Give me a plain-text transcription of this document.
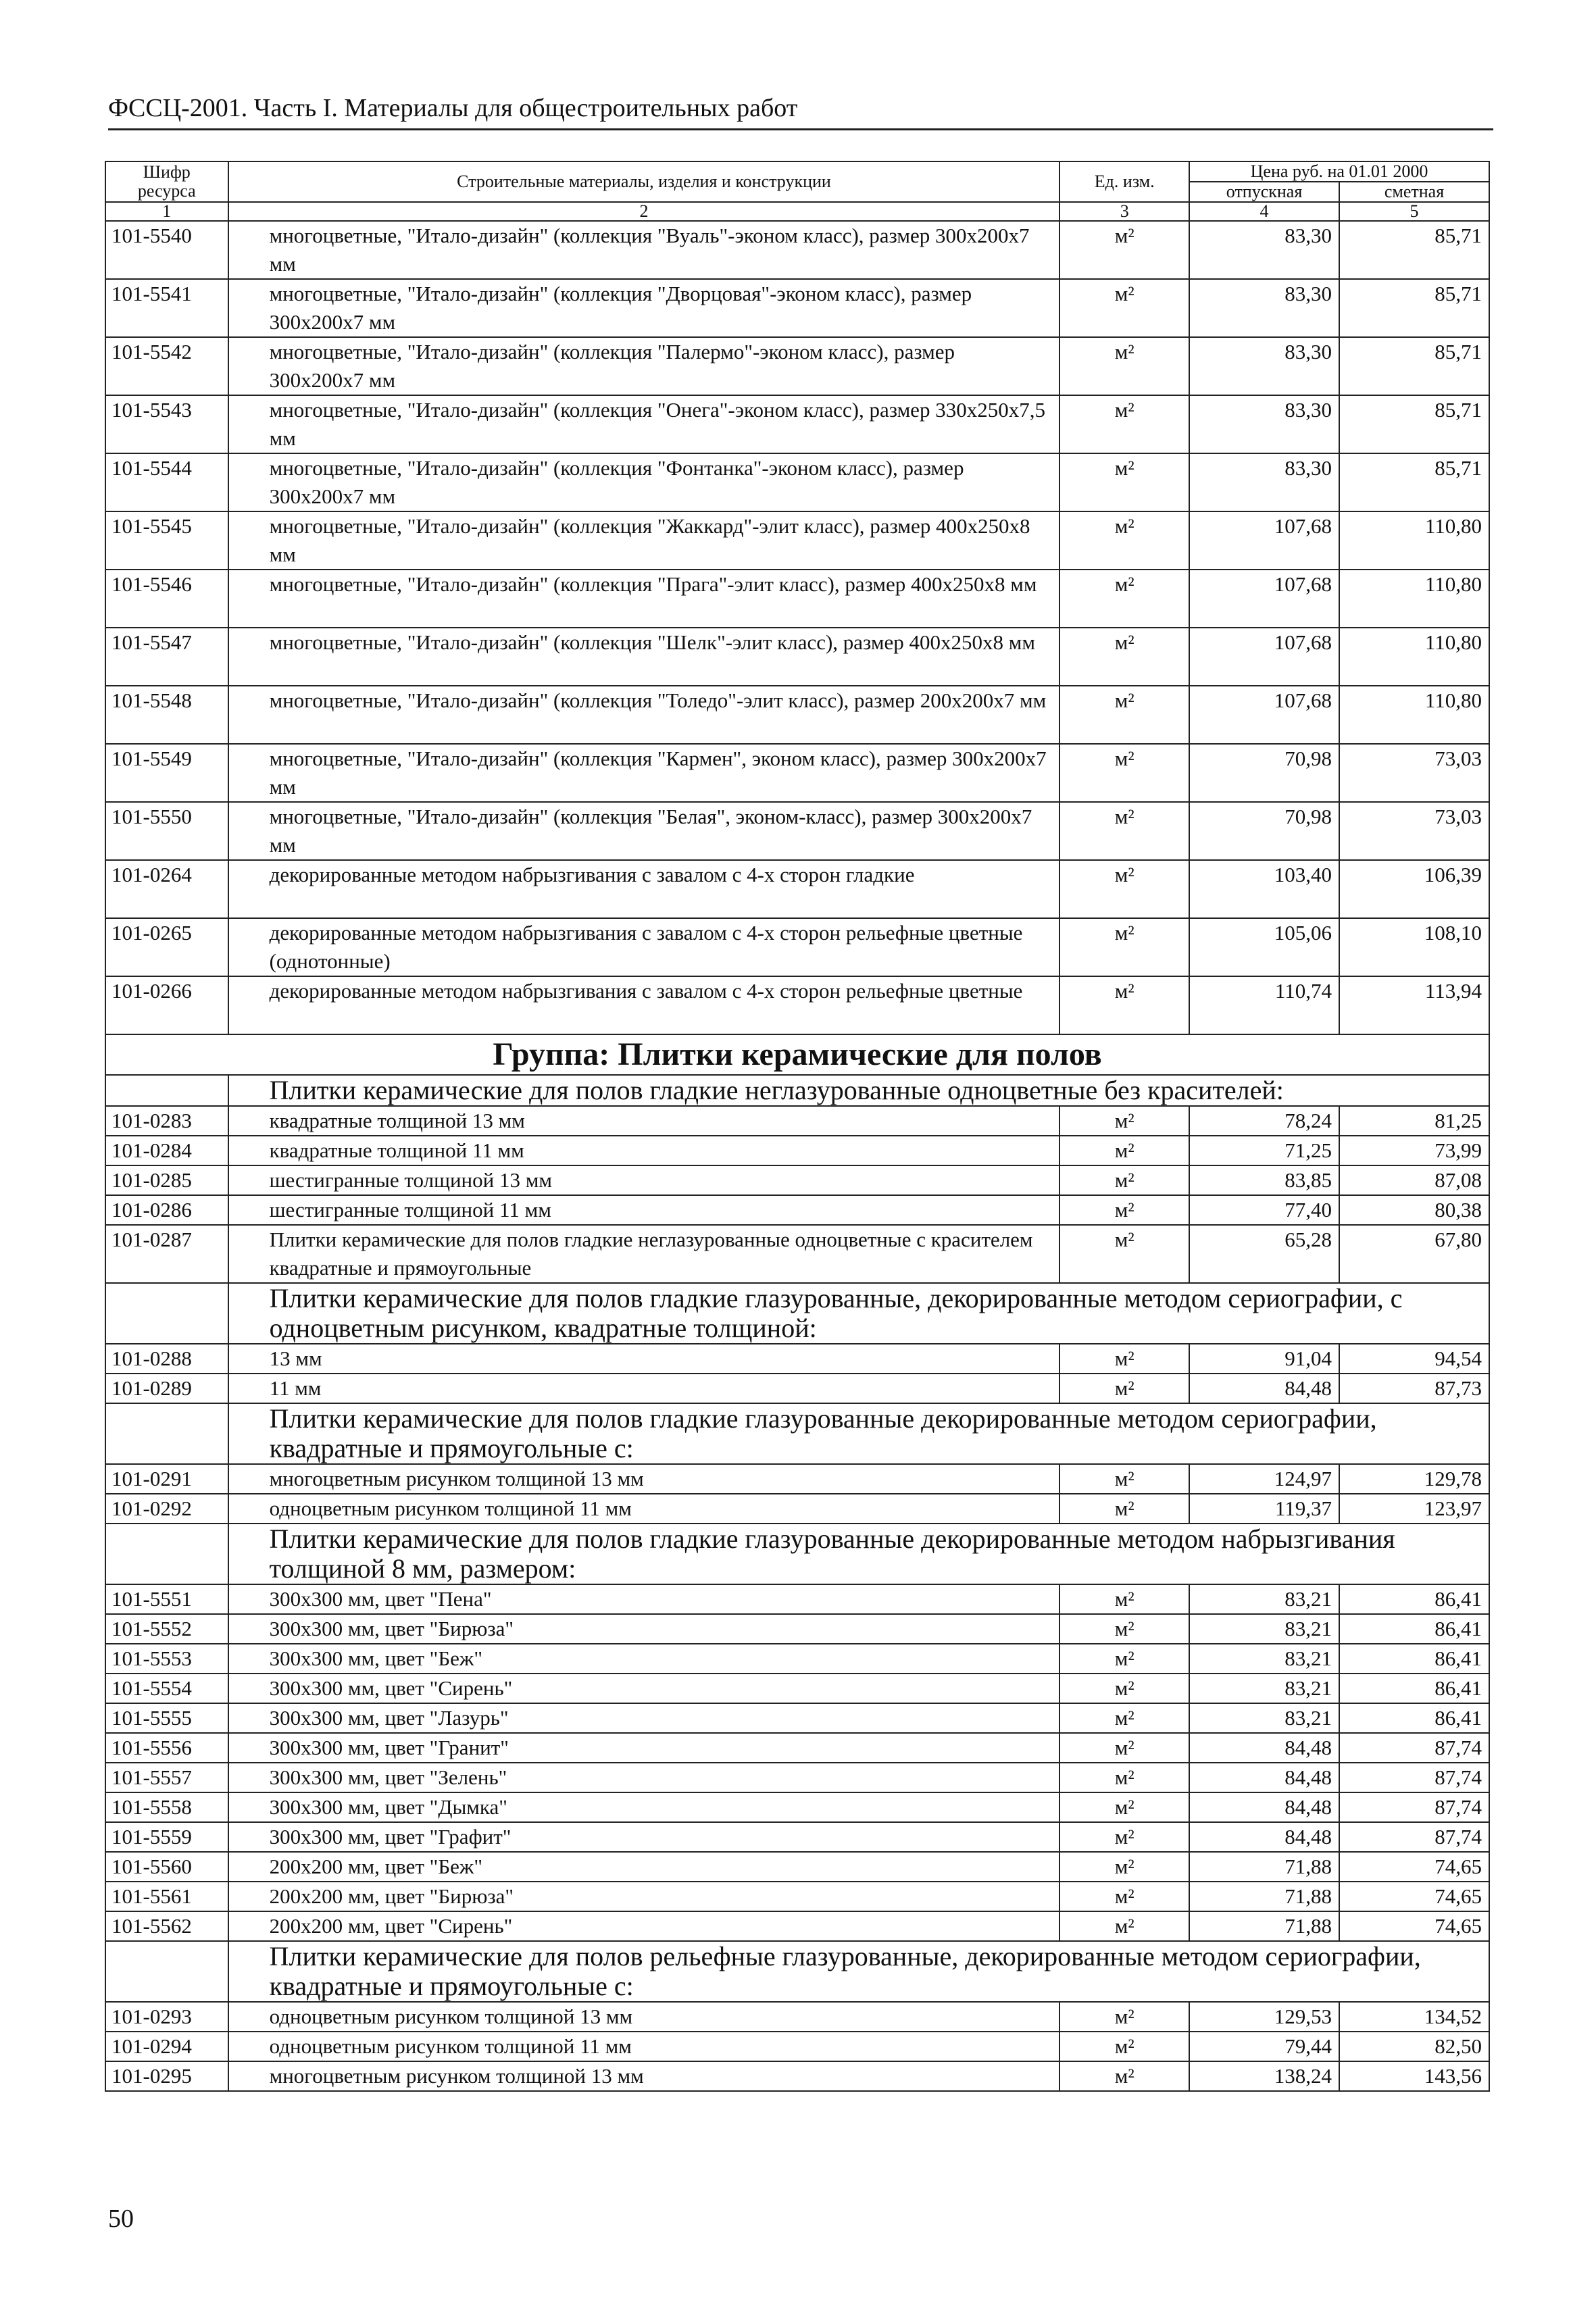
ФССЦ-2001. Часть I. Материалы для общестроительных работ
Шифр ресурса	Строительные материалы, изделия и конструкции	Ед. изм.	Цена руб. на 01.01 2000	
			отпускная	сметная
1	2	3	4	5
101-5540	многоцветные, "Итало-дизайн" (коллекция "Вуаль"-эконом класс), размер 300х200х7 мм	м²	83,30	85,71
101-5541	многоцветные, "Итало-дизайн" (коллекция "Дворцовая"-эконом класс), размер 300х200х7 мм	м²	83,30	85,71
101-5542	многоцветные, "Итало-дизайн" (коллекция "Палермо"-эконом класс), размер 300х200х7 мм	м²	83,30	85,71
101-5543	многоцветные, "Итало-дизайн" (коллекция "Онега"-эконом класс), размер 330х250х7,5 мм	м²	83,30	85,71
101-5544	многоцветные, "Итало-дизайн" (коллекция "Фонтанка"-эконом класс), размер 300х200х7 мм	м²	83,30	85,71
101-5545	многоцветные, "Итало-дизайн" (коллекция "Жаккард"-элит класс), размер 400х250х8 мм	м²	107,68	110,80
101-5546	многоцветные, "Итало-дизайн" (коллекция "Прага"-элит класс), размер 400х250х8 мм	м²	107,68	110,80
101-5547	многоцветные, "Итало-дизайн" (коллекция "Шелк"-элит класс), размер 400х250х8 мм	м²	107,68	110,80
101-5548	многоцветные, "Итало-дизайн" (коллекция "Толедо"-элит класс), размер 200х200х7 мм	м²	107,68	110,80
101-5549	многоцветные, "Итало-дизайн" (коллекция "Кармен", эконом класс), размер 300х200х7 мм	м²	70,98	73,03
101-5550	многоцветные, "Итало-дизайн" (коллекция "Белая", эконом-класс), размер 300х200х7 мм	м²	70,98	73,03
101-0264	декорированные методом набрызгивания с завалом с 4-х сторон гладкие	м²	103,40	106,39
101-0265	декорированные методом набрызгивания с завалом с 4-х сторон рельефные цветные (однотонные)	м²	105,06	108,10
101-0266	декорированные методом набрызгивания с завалом с 4-х сторон рельефные цветные	м²	110,74	113,94
Группа: Плитки керамические для полов				
	Плитки керамические для полов гладкие неглазурованные одноцветные без красителей:			
101-0283	квадратные толщиной 13 мм	м²	78,24	81,25
101-0284	квадратные толщиной 11 мм	м²	71,25	73,99
101-0285	шестигранные толщиной 13 мм	м²	83,85	87,08
101-0286	шестигранные толщиной 11 мм	м²	77,40	80,38
101-0287	Плитки керамические для полов гладкие неглазурованные одноцветные с красителем квадратные и прямоугольные	м²	65,28	67,80
	Плитки керамические для полов гладкие глазурованные, декорированные методом сериографии, с одноцветным рисунком, квадратные толщиной:			
101-0288	13 мм	м²	91,04	94,54
101-0289	11 мм	м²	84,48	87,73
	Плитки керамические для полов гладкие глазурованные декорированные методом сериографии, квадратные и прямоугольные с:			
101-0291	многоцветным рисунком толщиной 13 мм	м²	124,97	129,78
101-0292	одноцветным рисунком толщиной 11 мм	м²	119,37	123,97
	Плитки керамические для полов гладкие глазурованные декорированные методом набрызгивания толщиной 8 мм, размером:			
101-5551	300х300 мм, цвет "Пена"	м²	83,21	86,41
101-5552	300х300 мм, цвет "Бирюза"	м²	83,21	86,41
101-5553	300х300 мм, цвет "Беж"	м²	83,21	86,41
101-5554	300х300 мм, цвет "Сирень"	м²	83,21	86,41
101-5555	300х300 мм, цвет "Лазурь"	м²	83,21	86,41
101-5556	300х300 мм, цвет "Гранит"	м²	84,48	87,74
101-5557	300х300 мм, цвет "Зелень"	м²	84,48	87,74
101-5558	300х300 мм, цвет "Дымка"	м²	84,48	87,74
101-5559	300х300 мм, цвет "Графит"	м²	84,48	87,74
101-5560	200х200 мм, цвет "Беж"	м²	71,88	74,65
101-5561	200х200 мм, цвет "Бирюза"	м²	71,88	74,65
101-5562	200х200 мм, цвет "Сирень"	м²	71,88	74,65
	Плитки керамические для полов рельефные глазурованные, декорированные методом сериографии, квадратные и прямоугольные с:			
101-0293	одноцветным рисунком толщиной 13 мм	м²	129,53	134,52
101-0294	одноцветным рисунком толщиной 11 мм	м²	79,44	82,50
101-0295	многоцветным рисунком толщиной 13 мм	м²	138,24	143,56
50
